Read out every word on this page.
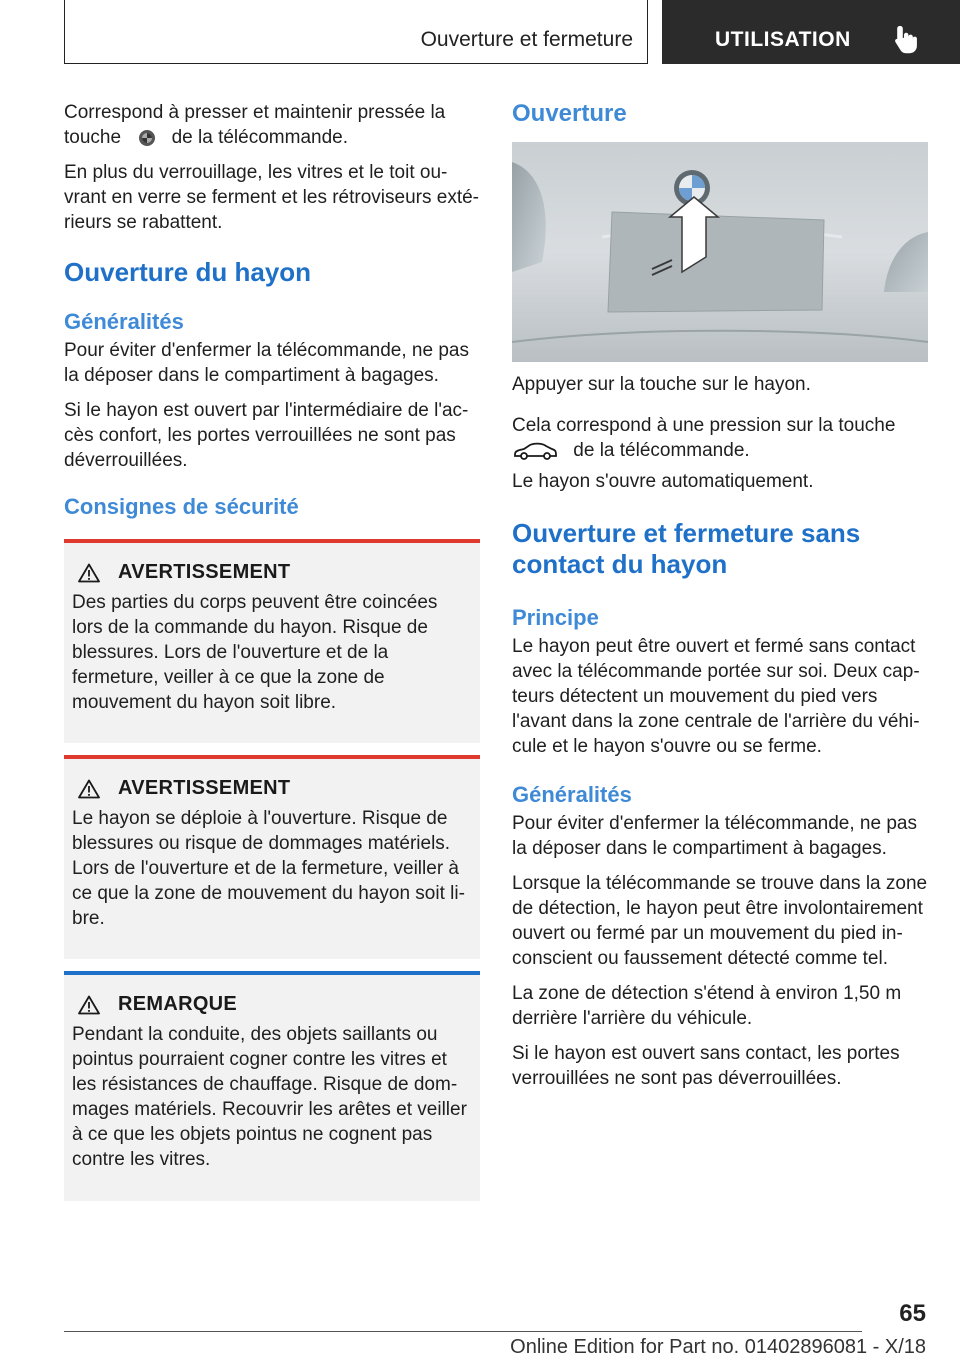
Ouverture et fermeture	UTILISATION

Correspond à presser et maintenir pressée la touche	de la télécommande.

En plus du verrouillage, les vitres et le toit ouvrant en verre se ferment et les rétroviseurs extérieurs se rabattent.

Ouverture du hayon
Généralités

Pour éviter d'enfermer la télécommande, ne pas la déposer dans le compartiment à bagages.

Si le hayon est ouvert par l'intermédiaire de l'accès confort, les portes verrouillées ne sont pas déverrouillées.

Consignes de sécurité
AVERTISSEMENT

Des parties du corps peuvent être coincées lors de la commande du hayon. Risque de blessures. Lors de l'ouverture et de la fermeture, veiller à ce que la zone de mouvement du hayon soit libre.

AVERTISSEMENT

Le hayon se déploie à l'ouverture. Risque de blessures ou risque de dommages matériels. Lors de l'ouverture et de la fermeture, veiller à ce que la zone de mouvement du hayon soit libre.

REMARQUE

Pendant la conduite, des objets saillants ou pointus pourraient cogner contre les vitres et les résistances de chauffage. Risque de dommages matériels. Recouvrir les arêtes et veiller à ce que les objets pointus ne cognent pas contre les vitres.

Ouverture

Appuyer sur la touche sur le hayon.

Cela correspond à une pression sur la touche
de la télécommande.

Le hayon s'ouvre automatiquement.

Ouverture et fermeture sans contact du hayon
Principe

Le hayon peut être ouvert et fermé sans contact avec la télécommande portée sur soi. Deux capteurs détectent un mouvement du pied vers l'avant dans la zone centrale de l'arrière du véhicule et le hayon s'ouvre ou se ferme.

Généralités

Pour éviter d'enfermer la télécommande, ne pas la déposer dans le compartiment à bagages.

Lorsque la télécommande se trouve dans la zone de détection, le hayon peut être involontairement ouvert ou fermé par un mouvement du pied inconscient ou faussement détecté comme tel.

La zone de détection s'étend à environ 1,50 m derrière l'arrière du véhicule.

Si le hayon est ouvert sans contact, les portes verrouillées ne sont pas déverrouillées.

65
Online Edition for Part no. 01402896081 - X/18
